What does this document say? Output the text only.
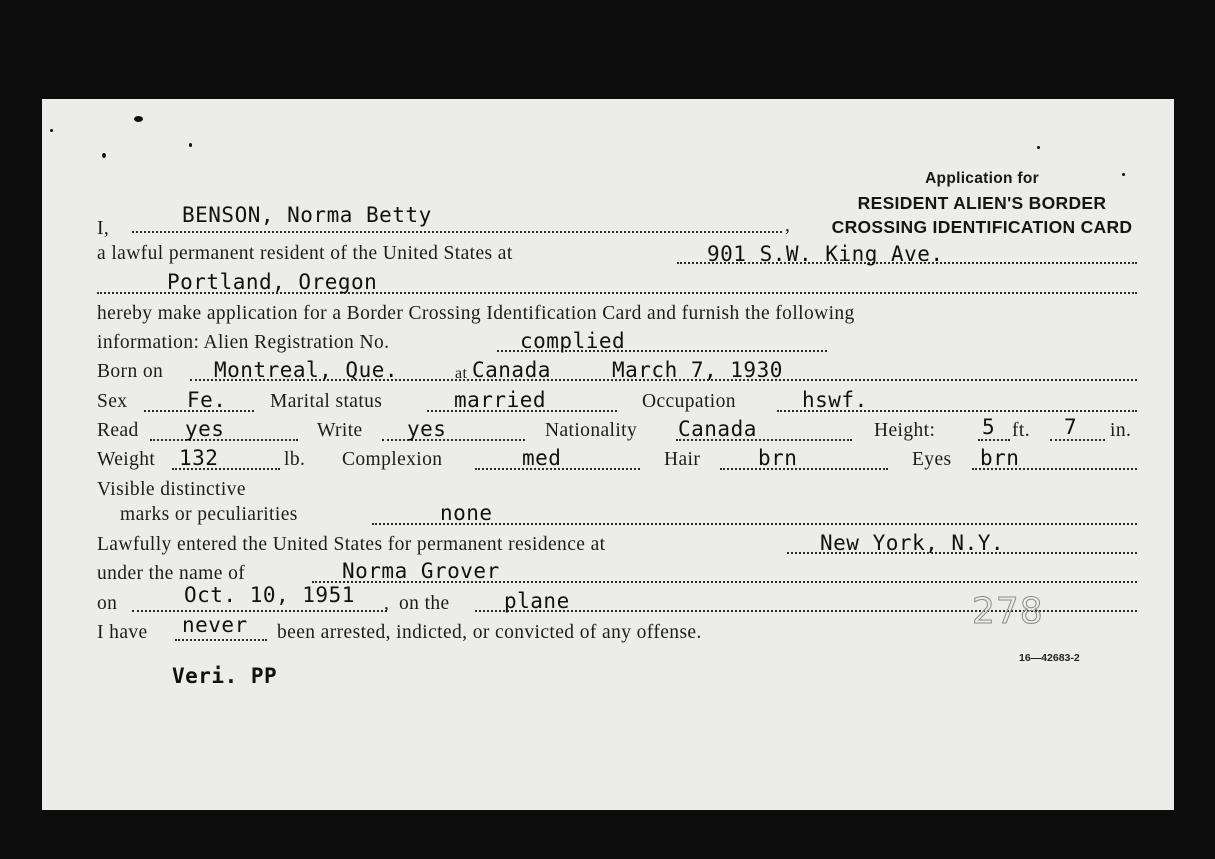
Application for
RESIDENT ALIEN'S BORDER
CROSSING IDENTIFICATION CARD
I,	,
BENSON, Norma Betty
a lawful permanent resident of the United States at	901 S.W. King Ave.
Portland, Oregon
hereby make application for a Border Crossing Identification Card and furnish the following
information: Alien Registration No.	complied
Born on Montreal, Que.	at Canada	March 7, 1930
Sex	Fe. Marital status	married	Occupation	hswf.
Read yes	Write yes	Nationality Canada	Height: 5 ft. 7 in.
Weight 132	lb. Complexion	med	Hair	brn	Eyes brn
Visible distinctive
marks or peculiarities	none
Lawfully entered the United States for permanent residence at	New York, N.Y.
under the name of	Norma Grover
on	Oct. 10, 1951 , on the	plane	278
I have never been arrested, indicted, or convicted of any offense.
16—42683-2
Veri. PP
